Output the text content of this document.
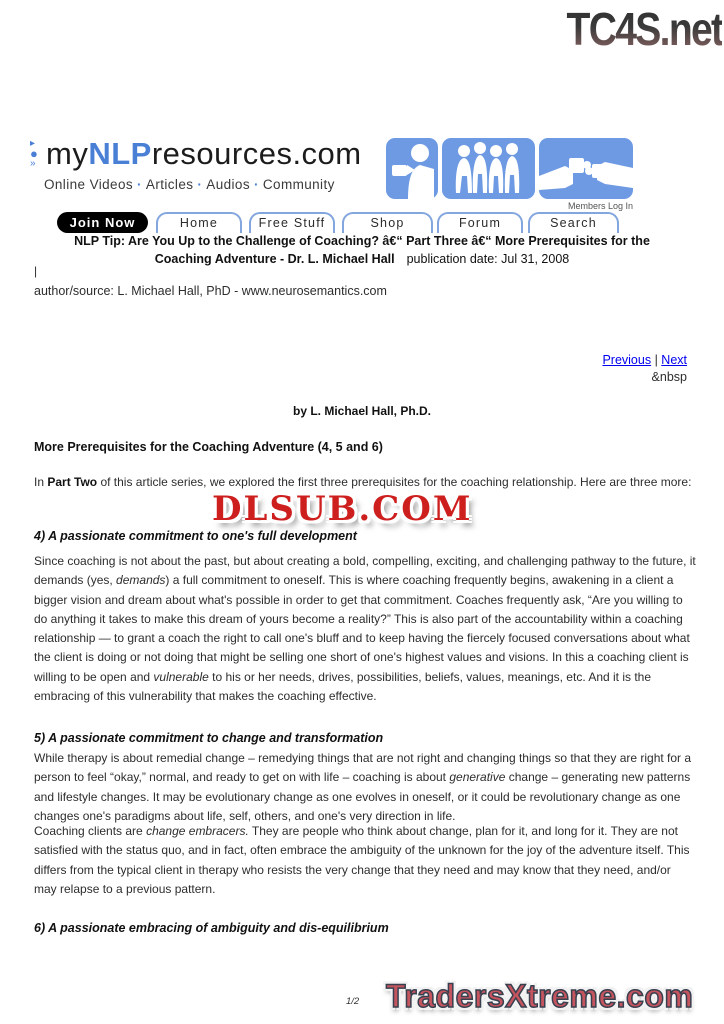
TC4S.net
▸
●
» myNLPresources.com
Online Videos · Articles · Audios · Community
Members Log In
Join Now	Home	Free Stuff	Shop	Forum	Search
NLP Tip: Are You Up to the Challenge of Coaching? â€“ Part Three â€“ More Prerequisites for the
Coaching Adventure - Dr. L. Michael Hall publication date: Jul 31, 2008
|
author/source: L. Michael Hall, PhD - www.neurosemantics.com
Previous | Next
&nbsp
by L. Michael Hall, Ph.D.
More Prerequisites for the Coaching Adventure (4, 5 and 6)
In Part Two of this article series, we explored the first three prerequisites for the coaching relationship. Here are three more:
DLSUB.COM
4) A passionate commitment to one's full development
Since coaching is not about the past, but about creating a bold, compelling, exciting, and challenging pathway to the future, it demands (yes, demands) a full commitment to oneself. This is where coaching frequently begins, awakening in a client a bigger vision and dream about what's possible in order to get that commitment. Coaches frequently ask, “Are you willing to do anything it takes to make this dream of yours become a reality?” This is also part of the accountability within a coaching relationship — to grant a coach the right to call one's bluff and to keep having the fiercely focused conversations about what the client is doing or not doing that might be selling one short of one's highest values and visions. In this a coaching client is willing to be open and vulnerable to his or her needs, drives, possibilities, beliefs, values, meanings, etc. And it is the embracing of this vulnerability that makes the coaching effective.
5) A passionate commitment to change and transformation
While therapy is about remedial change – remedying things that are not right and changing things so that they are right for a person to feel “okay,” normal, and ready to get on with life – coaching is about generative change – generating new patterns and lifestyle changes. It may be evolutionary change as one evolves in oneself, or it could be revolutionary change as one changes one's paradigms about life, self, others, and one's very direction in life.
Coaching clients are change embracers. They are people who think about change, plan for it, and long for it. They are not satisfied with the status quo, and in fact, often embrace the ambiguity of the unknown for the joy of the adventure itself. This differs from the typical client in therapy who resists the very change that they need and may know that they need, and/or may relapse to a previous pattern.
6) A passionate embracing of ambiguity and dis-equilibrium
1/2 TradersXtreme.com
